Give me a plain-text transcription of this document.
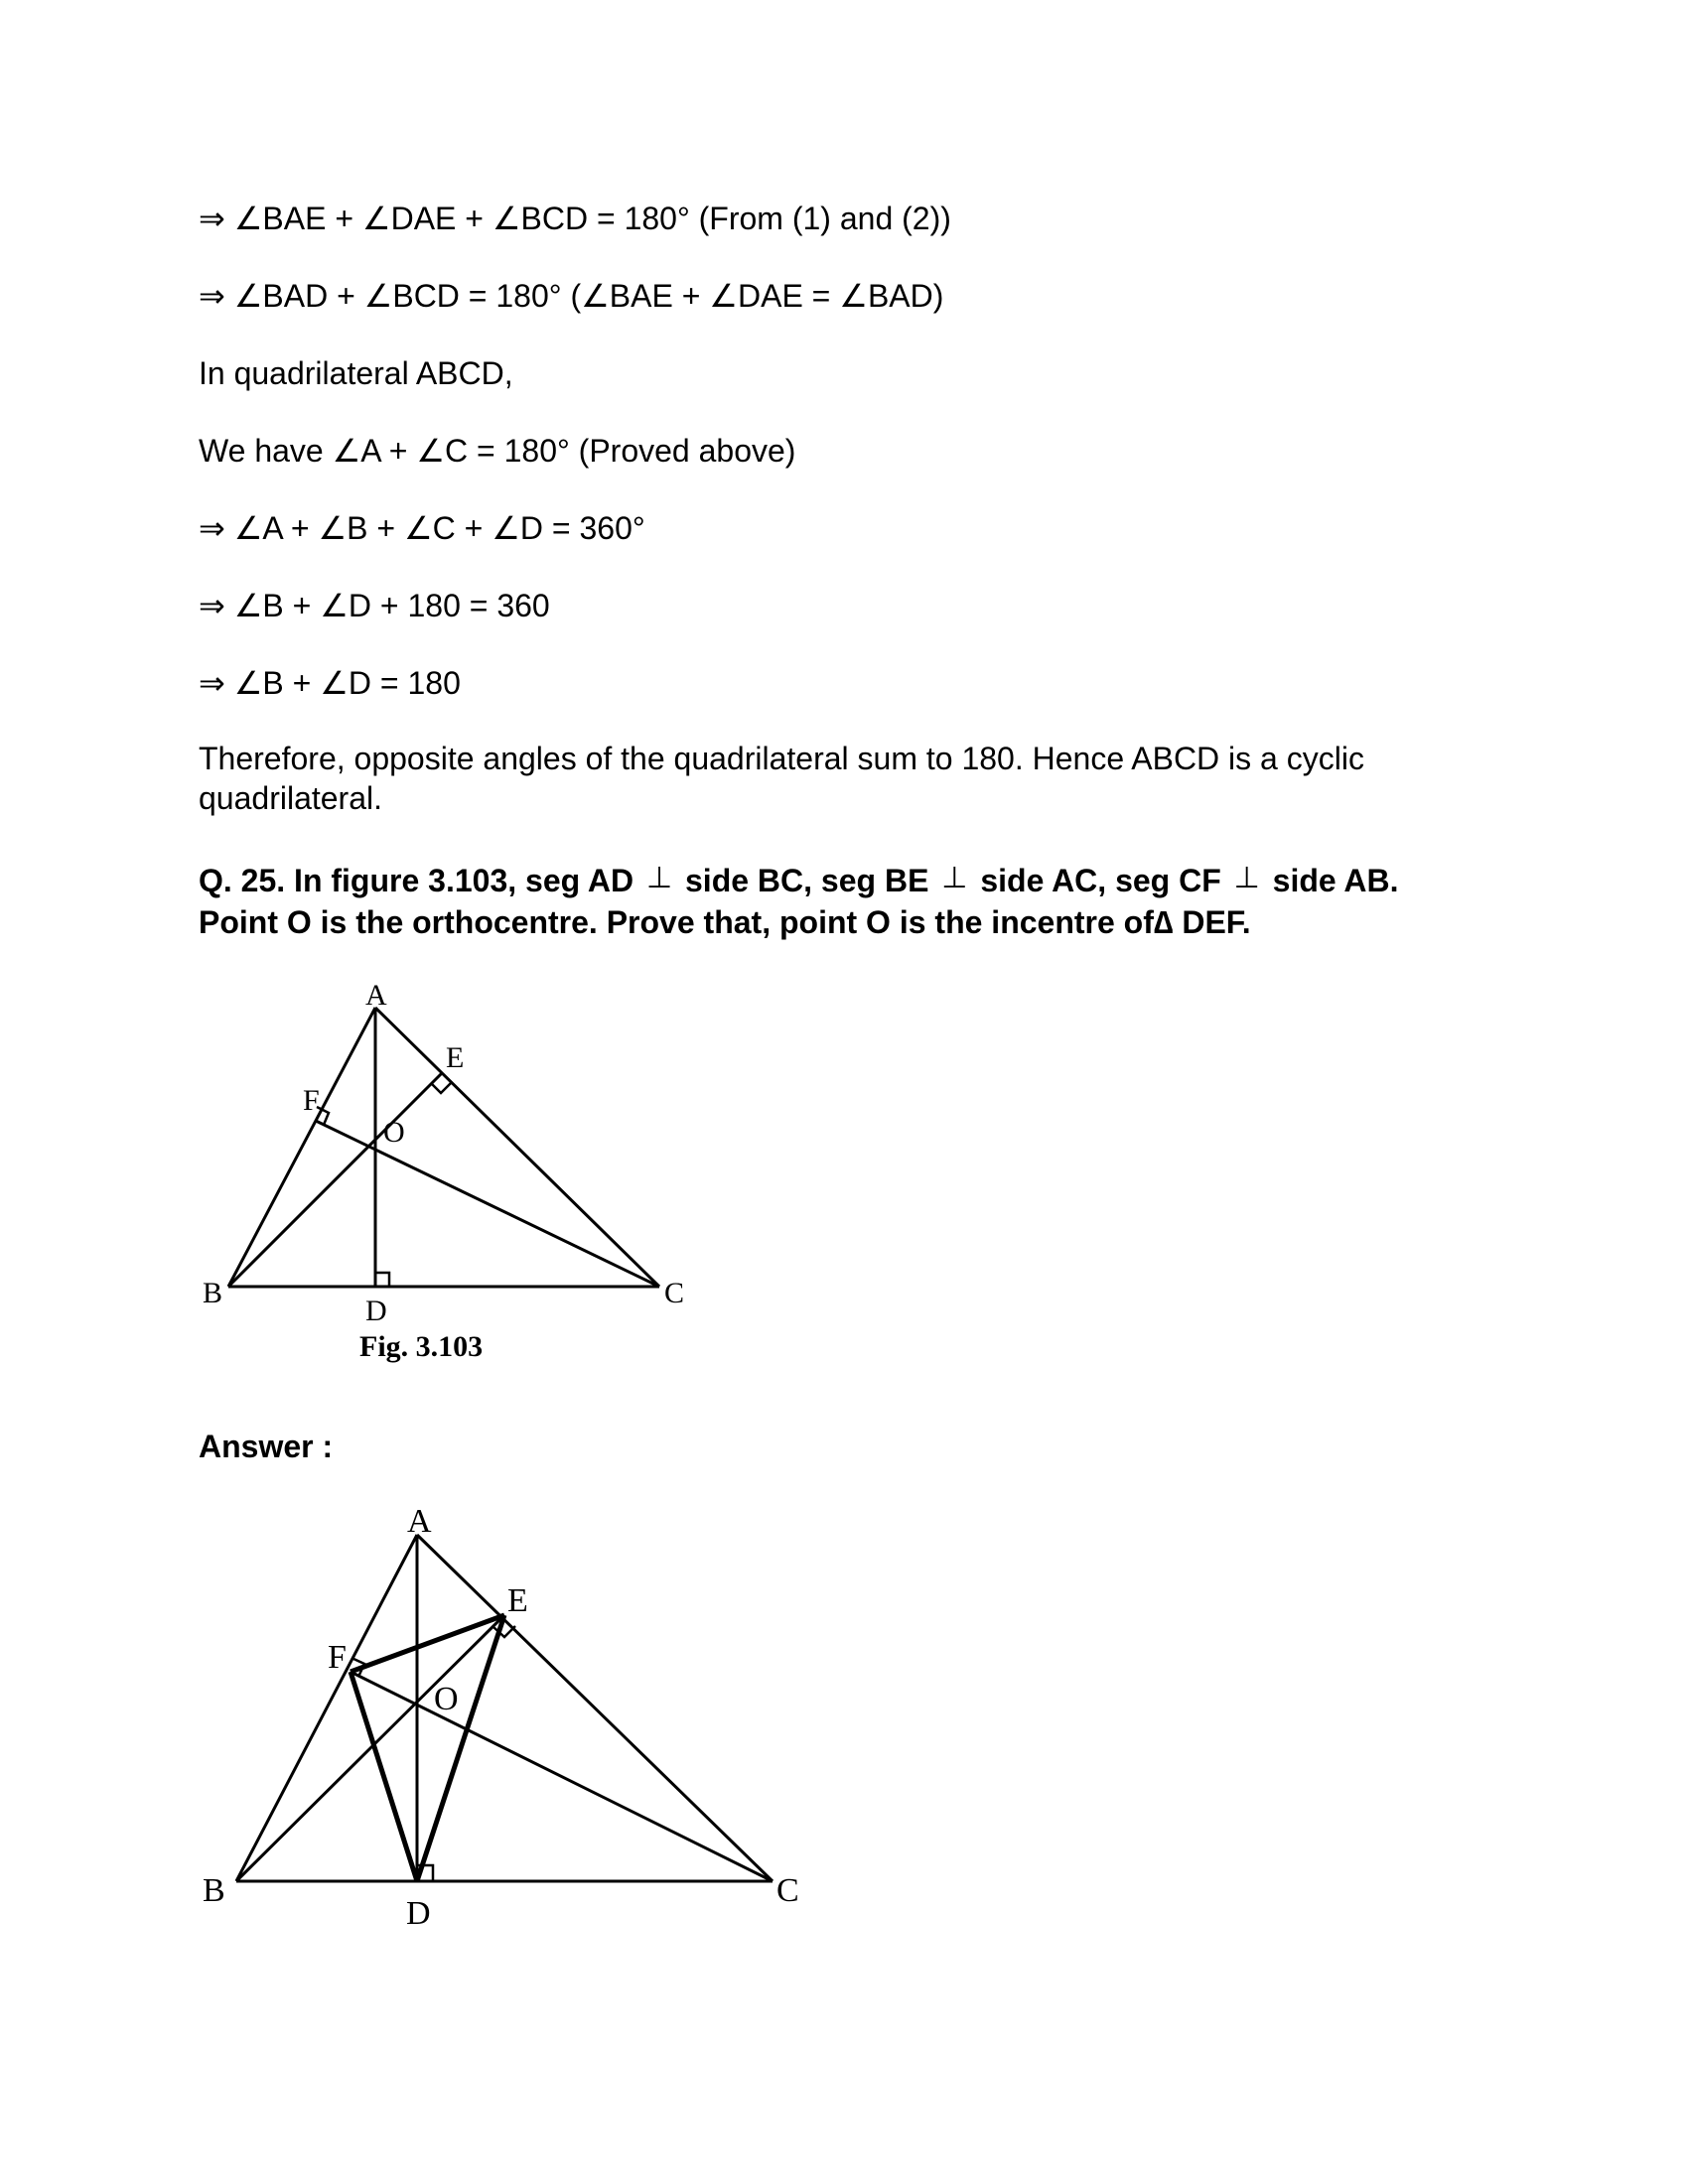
⇒ ∠BAE + ∠DAE + ∠BCD = 180° (From (1) and (2))
⇒ ∠BAD + ∠BCD = 180° (∠BAE + ∠DAE = ∠BAD)
In quadrilateral ABCD,
We have ∠A + ∠C = 180° (Proved above)
⇒ ∠A + ∠B + ∠C + ∠D = 360°
⇒ ∠B + ∠D + 180 = 360
⇒ ∠B + ∠D = 180
Therefore, opposite angles of the quadrilateral sum to 180. Hence ABCD is a cyclic quadrilateral.
Q. 25. In figure 3.103, seg AD ⊥ side BC, seg BE ⊥ side AC, seg CF ⊥ side AB.
Point O is the orthocentre. Prove that, point O is the incentre of∆ DEF.
A
B	C
D
E
F
O
Fig. 3.103
Answer :
A
B	C
D
E
F
O
